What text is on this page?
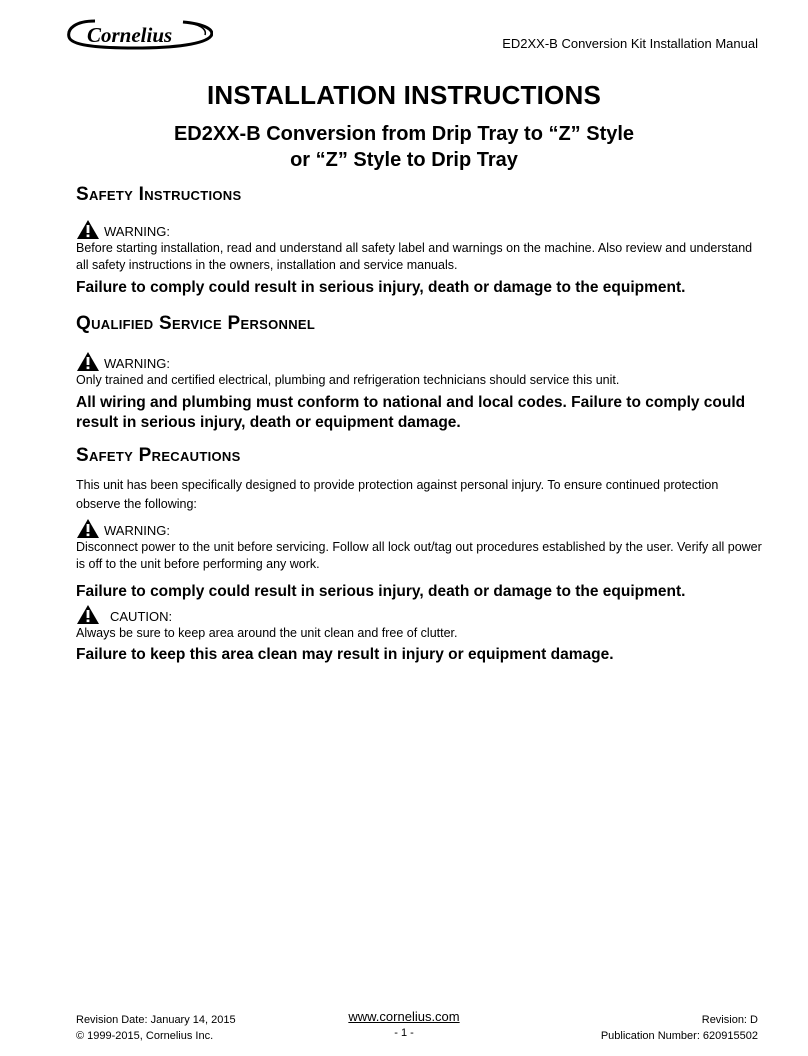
Cornelius	ED2XX-B Conversion Kit Installation Manual
INSTALLATION INSTRUCTIONS
ED2XX-B Conversion from Drip Tray to “Z” Style
or “Z” Style to Drip Tray
Safety Instructions
WARNING:

Before starting installation, read and understand all safety label and warnings on the machine. Also review and understand all safety instructions in the owners, installation and service manuals.

Failure to comply could result in serious injury, death or damage to the equipment.

Qualified Service Personnel
WARNING:

Only trained and certified electrical, plumbing and refrigeration technicians should service this unit.

All wiring and plumbing must conform to national and local codes. Failure to comply could result in serious injury, death or equipment damage.

Safety Precautions

This unit has been specifically designed to provide protection against personal injury. To ensure continued protection observe the following:

WARNING:

Disconnect power to the unit before servicing. Follow all lock out/tag out procedures established by the user. Verify all power is off to the unit before performing any work.

Failure to comply could result in serious injury, death or damage to the equipment.

CAUTION:

Always be sure to keep area around the unit clean and free of clutter.

Failure to keep this area clean may result in injury or equipment damage.

Revision Date: January 14, 2015
© 1999-2015, Cornelius Inc.
www.cornelius.com
- 1 -
Revision: D
Publication Number: 620915502
